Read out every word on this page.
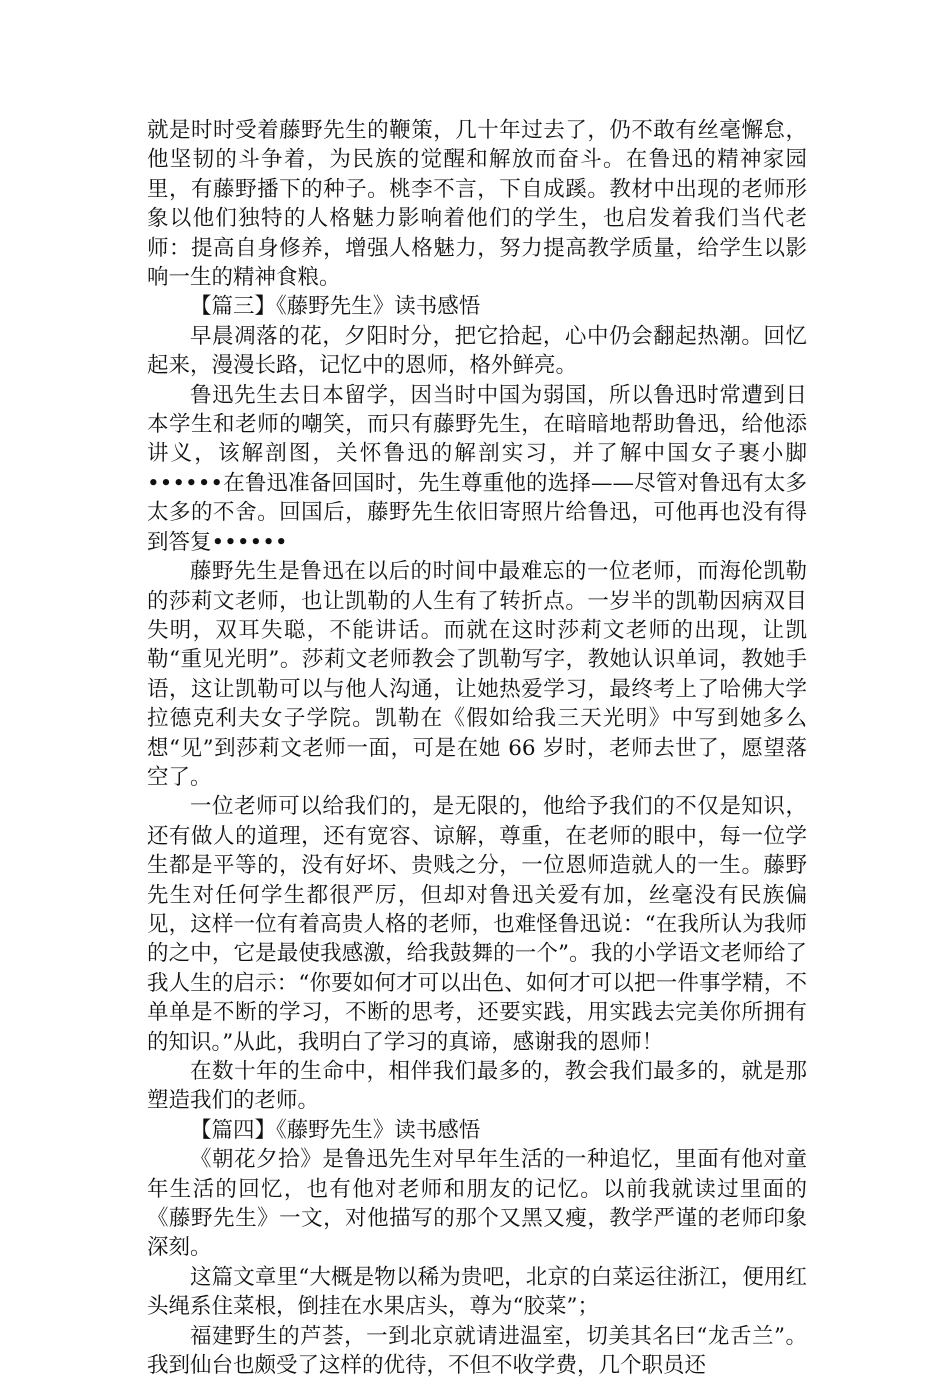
就是时时受着藤野先生的鞭策，几十年过去了，仍不敢有丝毫懈怠，他坚韧的斗争着，为民族的觉醒和解放而奋斗。在鲁迅的精神家园里，有藤野播下的种子。桃李不言，下自成蹊。教材中出现的老师形象以他们独特的人格魅力影响着他们的学生，也启发着我们当代老师：提高自身修养，增强人格魅力，努力提高教学质量，给学生以影响一生的精神食粮。

【篇三】《藤野先生》读书感悟

早晨凋落的花，夕阳时分，把它拾起，心中仍会翻起热潮。回忆起来，漫漫长路，记忆中的恩师，格外鲜亮。

鲁迅先生去日本留学，因当时中国为弱国，所以鲁迅时常遭到日本学生和老师的嘲笑，而只有藤野先生，在暗暗地帮助鲁迅，给他添讲义，该解剖图，关怀鲁迅的解剖实习，并了解中国女子裹小脚••••••在鲁迅准备回国时，先生尊重他的选择——尽管对鲁迅有太多太多的不舍。回国后，藤野先生依旧寄照片给鲁迅，可他再也没有得到答复••••••

藤野先生是鲁迅在以后的时间中最难忘的一位老师，而海伦凯勒的莎莉文老师，也让凯勒的人生有了转折点。一岁半的凯勒因病双目失明，双耳失聪，不能讲话。而就在这时莎莉文老师的出现，让凯勒“重见光明”。莎莉文老师教会了凯勒写字，教她认识单词，教她手语，这让凯勒可以与他人沟通，让她热爱学习，最终考上了哈佛大学拉德克利夫女子学院。凯勒在《假如给我三天光明》中写到她多么想“见”到莎莉文老师一面，可是在她 66 岁时，老师去世了，愿望落空了。

一位老师可以给我们的，是无限的，他给予我们的不仅是知识，还有做人的道理，还有宽容、谅解，尊重，在老师的眼中，每一位学生都是平等的，没有好坏、贵贱之分，一位恩师造就人的一生。藤野先生对任何学生都很严厉，但却对鲁迅关爱有加，丝毫没有民族偏见，这样一位有着高贵人格的老师，也难怪鲁迅说：“在我所认为我师的之中，它是最使我感激，给我鼓舞的一个”。我的小学语文老师给了我人生的启示：“你要如何才可以出色、如何才可以把一件事学精，不单单是不断的学习，不断的思考，还要实践，用实践去完美你所拥有的知识。”从此，我明白了学习的真谛，感谢我的恩师！

在数十年的生命中，相伴我们最多的，教会我们最多的，就是那塑造我们的老师。

【篇四】《藤野先生》读书感悟

《朝花夕拾》是鲁迅先生对早年生活的一种追忆，里面有他对童年生活的回忆，也有他对老师和朋友的记忆。以前我就读过里面的《藤野先生》一文，对他描写的那个又黑又瘦，教学严谨的老师印象深刻。

这篇文章里“大概是物以稀为贵吧，北京的白菜运往浙江，便用红头绳系住菜根，倒挂在水果店头，尊为“胶菜”；

福建野生的芦荟，一到北京就请进温室，切美其名曰“龙舌兰”。我到仙台也颇受了这样的优待，不但不收学费，几个职员还
